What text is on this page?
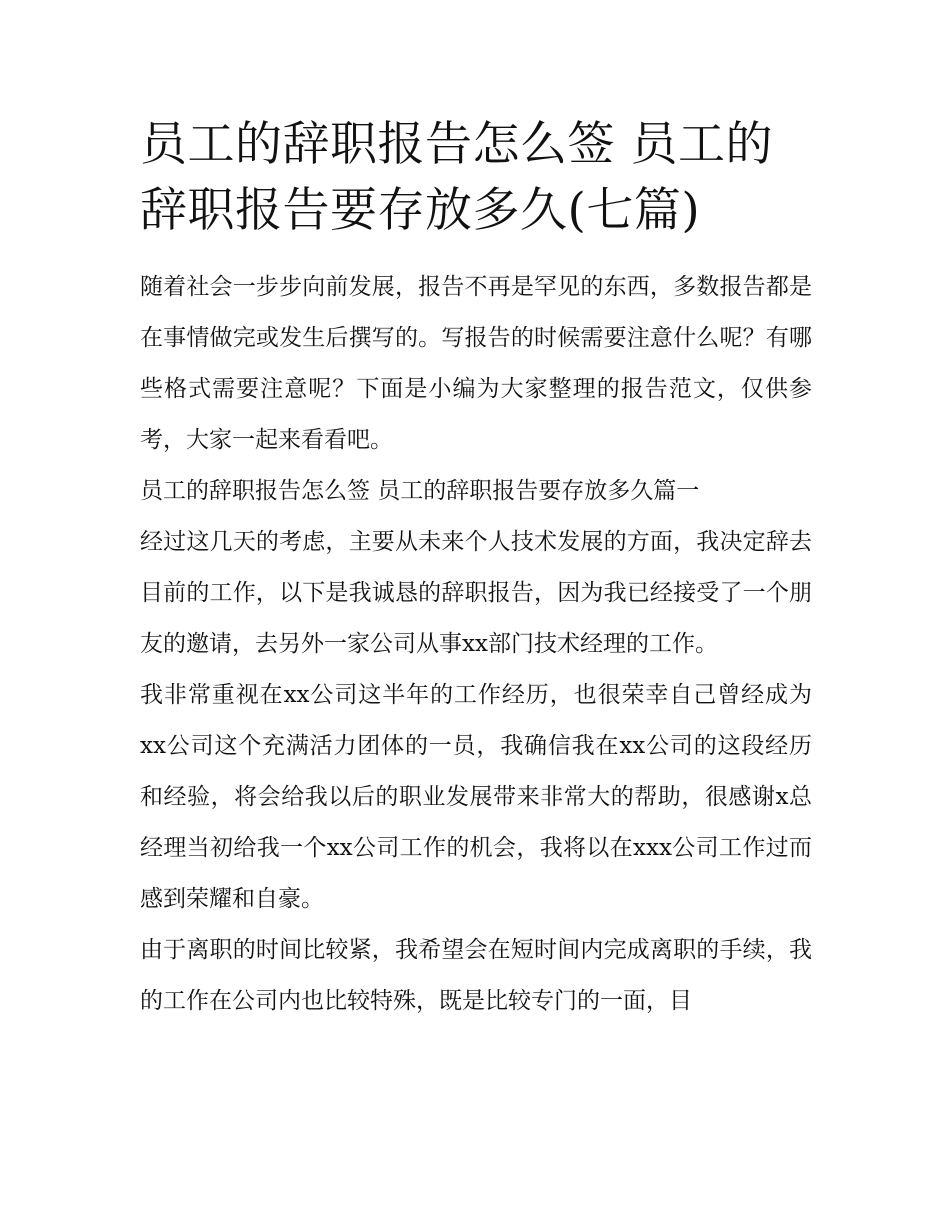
员工的辞职报告怎么签 员工的
辞职报告要存放多久(七篇)

随着社会一步步向前发展，报告不再是罕见的东西，多数报告都是在事情做完或发生后撰写的。写报告的时候需要注意什么呢？有哪些格式需要注意呢？下面是小编为大家整理的报告范文，仅供参考，大家一起来看看吧。

员工的辞职报告怎么签 员工的辞职报告要存放多久篇一

经过这几天的考虑，主要从未来个人技术发展的方面，我决定辞去目前的工作，以下是我诚恳的辞职报告，因为我已经接受了一个朋友的邀请，去另外一家公司从事xx部门技术经理的工作。

我非常重视在xx公司这半年的工作经历，也很荣幸自己曾经成为xx公司这个充满活力团体的一员，我确信我在xx公司的这段经历和经验，将会给我以后的职业发展带来非常大的帮助，很感谢x总经理当初给我一个xx公司工作的机会，我将以在xxx公司工作过而感到荣耀和自豪。

由于离职的时间比较紧，我希望会在短时间内完成离职的手续，我的工作在公司内也比较特殊，既是比较专门的一面，目
